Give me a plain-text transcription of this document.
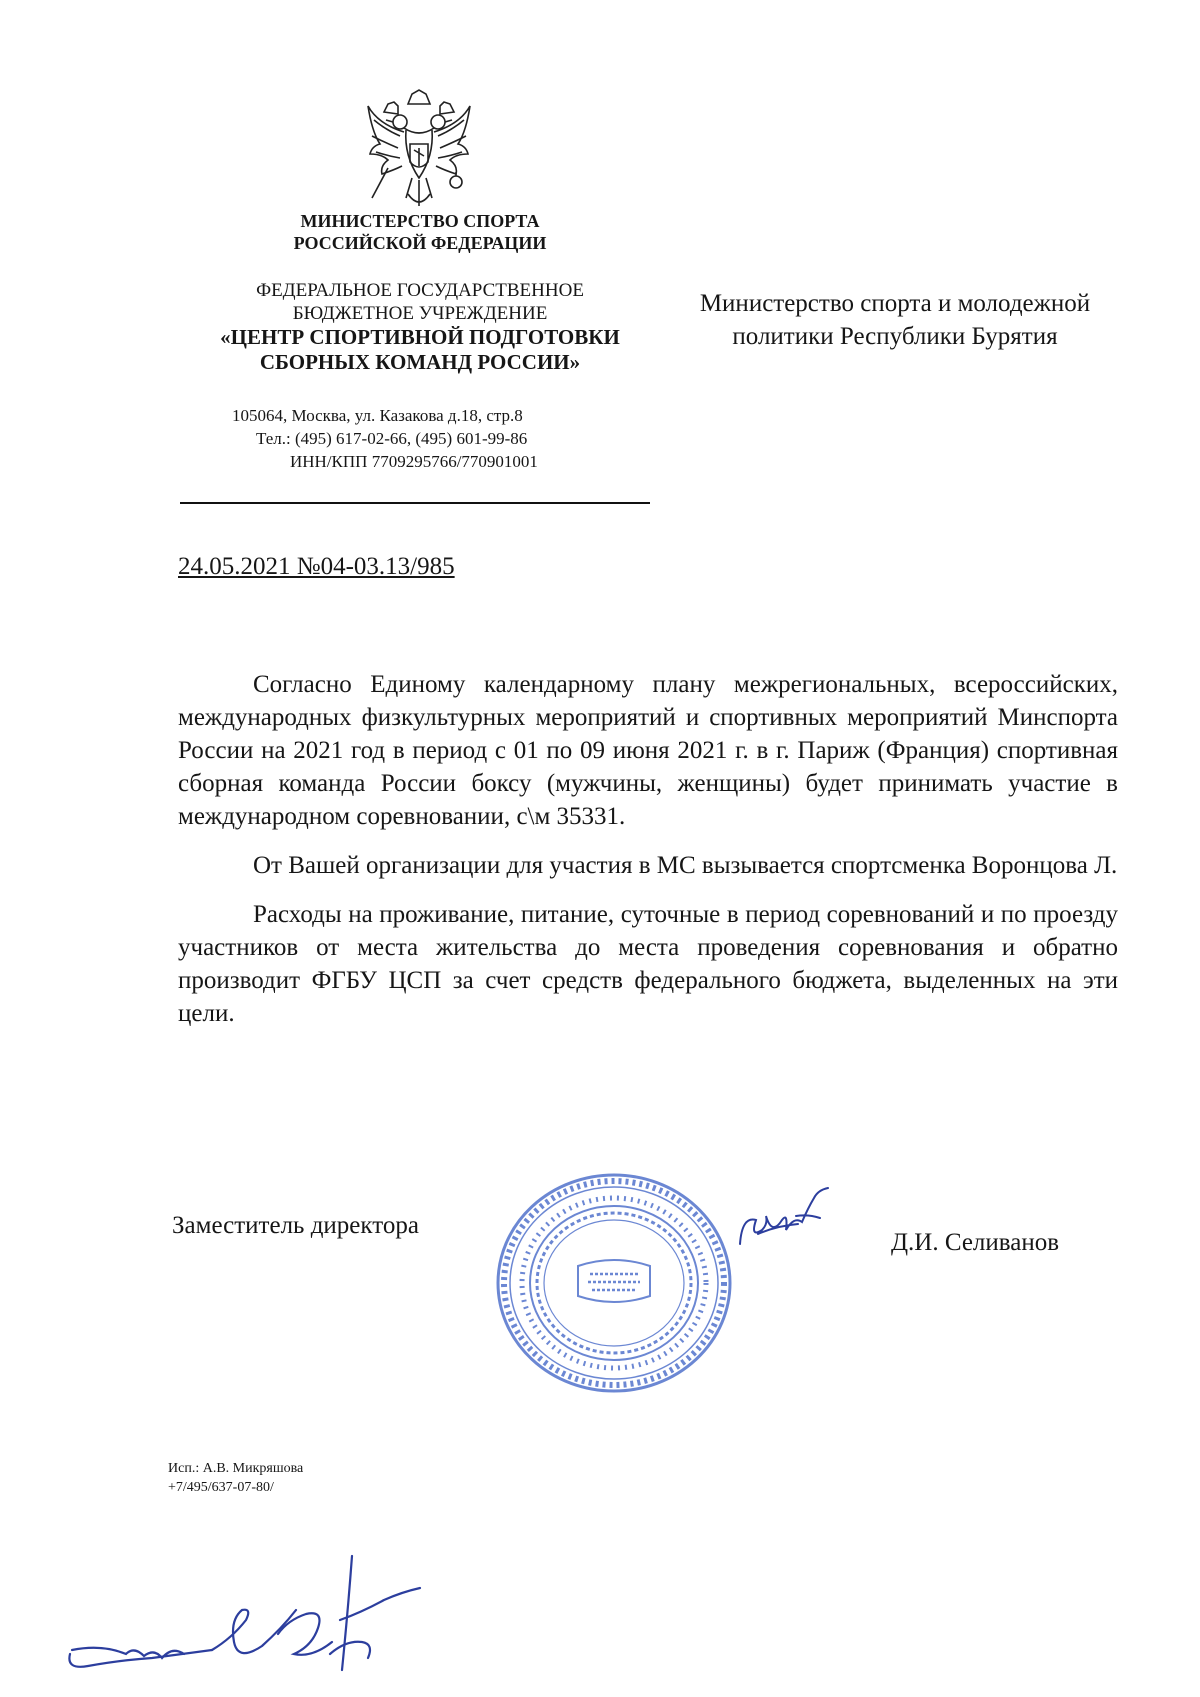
МИНИСТЕРСТВО СПОРТА
РОССИЙСКОЙ ФЕДЕРАЦИИ
ФЕДЕРАЛЬНОЕ ГОСУДАРСТВЕННОЕ
БЮДЖЕТНОЕ УЧРЕЖДЕНИЕ
«ЦЕНТР СПОРТИВНОЙ ПОДГОТОВКИ
СБОРНЫХ КОМАНД РОССИИ»
105064, Москва, ул. Казакова д.18, стр.8
Тел.: (495) 617-02-66, (495) 601-99-86
ИНН/КПП 7709295766/770901001
Министерство спорта и молодежной
политики Республики Бурятия
24.05.2021 №04-03.13/985

Согласно Единому календарному плану межрегиональных, всероссийских, международных физкультурных мероприятий и спортивных мероприятий Минспорта России на 2021 год в период с 01 по 09 июня 2021 г. в г. Париж (Франция) спортивная сборная команда России боксу (мужчины, женщины) будет принимать участие в международном соревновании, с\м 35331.

От Вашей организации для участия в МС вызывается спортсменка Воронцова Л.

Расходы на проживание, питание, суточные в период соревнований и по проезду участников от места жительства до места проведения соревнования и обратно производит ФГБУ ЦСП за счет средств федерального бюджета, выделенных на эти цели.

Заместитель директора
Д.И. Селиванов
Исп.: А.В. Микряшова
+7/495/637-07-80/
